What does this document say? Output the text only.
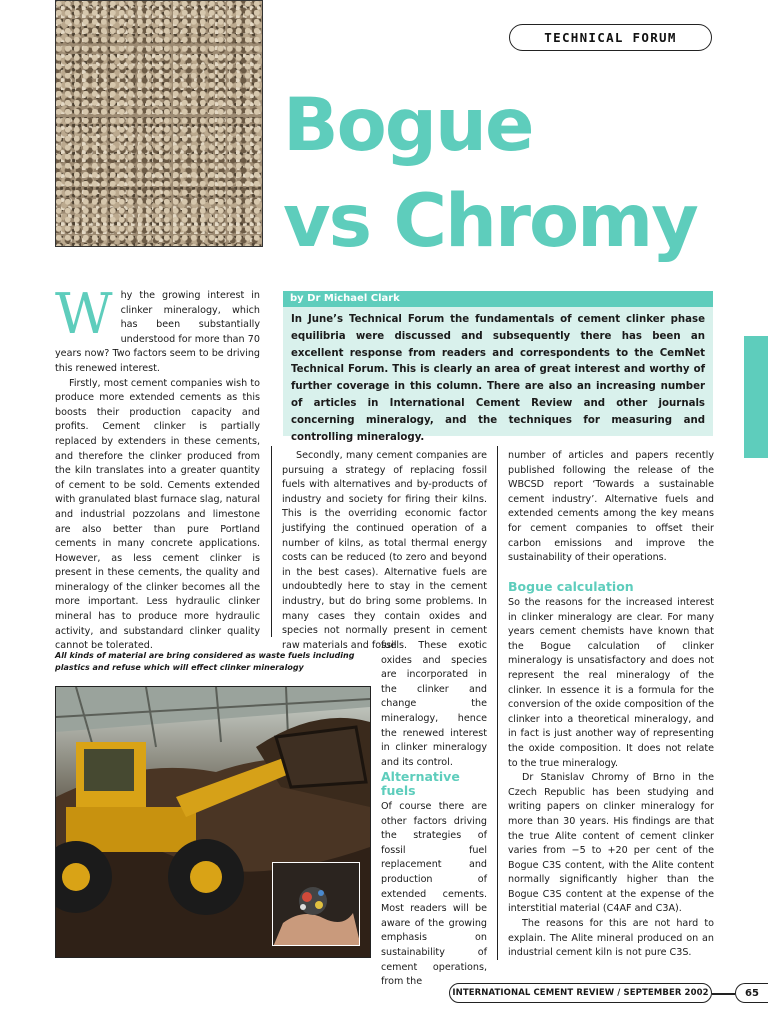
TECHNICAL FORUM
Bogue
vs Chromy
W hy the growing interest in clinker mineralogy, which has been substantially understood for more than 70 years now? Two factors seem to be driving this renewed interest.

Firstly, most cement companies wish to produce more extended cements as this boosts their production capacity and profits. Cement clinker is partially replaced by extenders in these cements, and therefore the clinker produced from the kiln translates into a greater quantity of cement to be sold. Cements extended with granulated blast furnace slag, natural and industrial pozzolans and limestone are also better than pure Portland cements in many concrete applications. However, as less cement clinker is present in these cements, the quality and mineralogy of the clinker becomes all the more important. Less hydraulic clinker mineral has to produce more hydraulic activity, and substandard clinker quality cannot be tolerated.

by Dr Michael Clark

In June’s Technical Forum the fundamentals of cement clinker phase equilibria were discussed and subsequently there has been an excellent response from readers and correspondents to the CemNet Technical Forum. This is clearly an area of great interest and worthy of further coverage in this column. There are also an increasing number of articles in International Cement Review and other journals concerning mineralogy, and the techniques for measuring and controlling mineralogy.

Secondly, many cement companies are pursuing a strategy of replacing fossil fuels with alternatives and by-products of industry and society for firing their kilns. This is the overriding economic factor justifying the continued operation of a number of kilns, as total thermal energy costs can be reduced (to zero and beyond in the best cases). Alternative fuels are undoubtedly here to stay in the cement industry, but do bring some problems. In many cases they contain oxides and species not normally present in cement raw materials and fossil

fuels. These exotic oxides and species are incorporated in the clinker and change the mineralogy, hence the renewed interest in clinker mineralogy and its control.

Alternative fuels

Of course there are other factors driving the strategies of fossil fuel replacement and production of extended cements. Most readers will be aware of the growing emphasis on sustainability of cement operations, from the

number of articles and papers recently published following the release of the WBCSD report ‘Towards a sustainable cement industry’. Alternative fuels and extended cements among the key means for cement companies to offset their carbon emissions and improve the sustainability of their operations.

Bogue calculation

So the reasons for the increased interest in clinker mineralogy are clear. For many years cement chemists have known that the Bogue calculation of clinker mineralogy is unsatisfactory and does not represent the real mineralogy of the clinker. In essence it is a formula for the conversion of the oxide composition of the clinker into a theoretical mineralogy, and in fact is just another way of representing the oxide composition. It does not relate to the true mineralogy.

Dr Stanislav Chromy of Brno in the Czech Republic has been studying and writing papers on clinker mineralogy for more than 30 years. His findings are that the true Alite content of cement clinker varies from −5 to +20 per cent of the Bogue C3S content, with the Alite content normally significantly higher than the Bogue C3S content at the expense of the interstitial material (C4AF and C3A).

The reasons for this are not hard to explain. The Alite mineral produced on an industrial cement kiln is not pure C3S.

All kinds of material are bring considered as waste fuels including plastics and refuse which will effect clinker mineralogy

INTERNATIONAL CEMENT REVIEW / SEPTEMBER 2002	65
